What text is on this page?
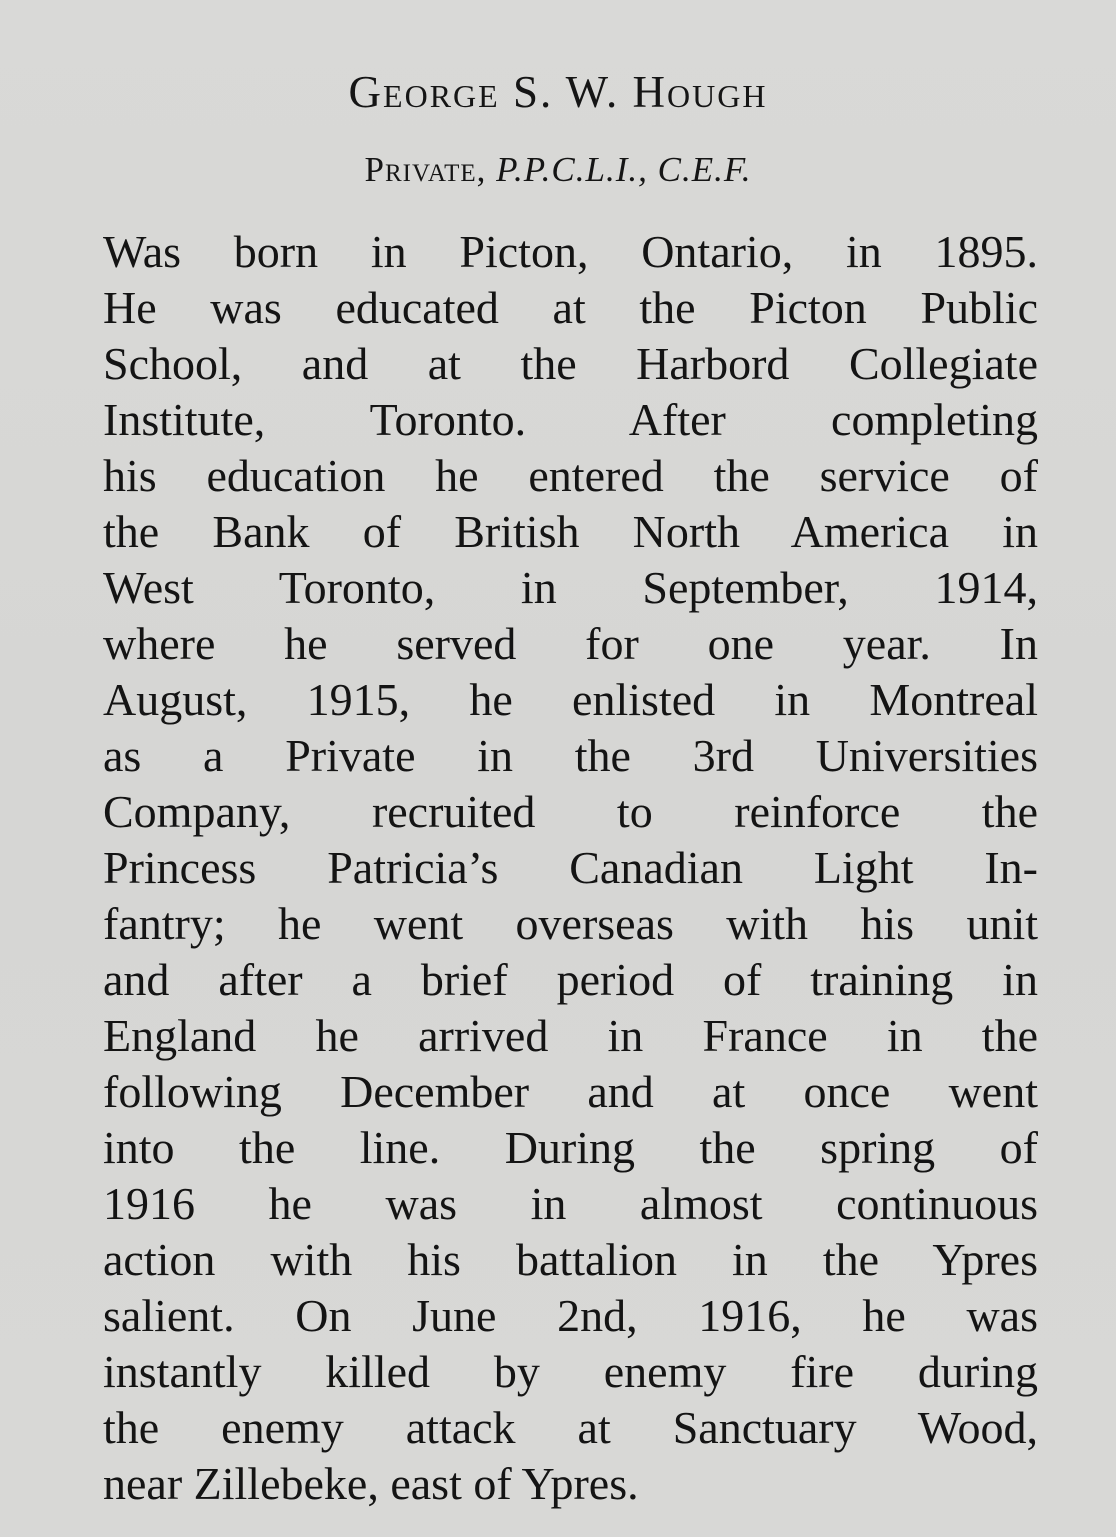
George S. W. Hough
Private, P.P.C.L.I., C.E.F.
Was born in Picton, Ontario, in 1895.
He was educated at the Picton Public
School, and at the Harbord Collegiate
Institute, Toronto. After completing
his education he entered the service of
the Bank of British North America in
West Toronto, in September, 1914,
where he served for one year. In
August, 1915, he enlisted in Montreal
as a Private in the 3rd Universities
Company, recruited to reinforce the
Princess Patricia’s Canadian Light In-
fantry; he went overseas with his unit
and after a brief period of training in
England he arrived in France in the
following December and at once went
into the line. During the spring of
1916 he was in almost continuous
action with his battalion in the Ypres
salient. On June 2nd, 1916, he was
instantly killed by enemy fire during
the enemy attack at Sanctuary Wood,
near Zillebeke, east of Ypres.
